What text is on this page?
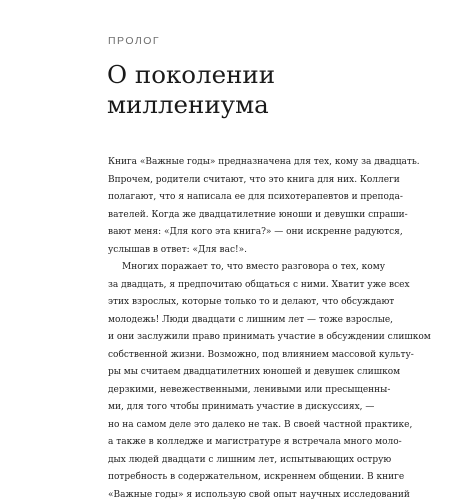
ПРОЛОГ
О поколении
миллениума
Книга «Важные годы» предназначена для тех, кому за двадцать.
Впрочем, родители считают, что это книга для них. Коллеги
полагают, что я написала ее для психотерапевтов и препода-
вателей. Когда же двадцатилетние юноши и девушки спраши-
вают меня: «Для кого эта книга?» — они искренне радуются,
услышав в ответ: «Для вас!».
Многих поражает то, что вместо разговора о тех, кому
за двадцать, я предпочитаю общаться с ними. Хватит уже всех
этих взрослых, которые только то и делают, что обсуждают
молодежь! Люди двадцати с лишним лет — тоже взрослые,
и они заслужили право принимать участие в обсуждении слишком
собственной жизни. Возможно, под влиянием массовой культу-
ры мы считаем двадцатилетних юношей и девушек слишком
дерзкими, невежественными, ленивыми или пресыщенны-
ми, для того чтобы принимать участие в дискуссиях, —
но на самом деле это далеко не так. В своей частной практике,
а также в колледже и магистратуре я встречала много моло-
дых людей двадцати с лишним лет, испытывающих острую
потребность в содержательном, искреннем общении. В книге
«Важные годы» я использую свой опыт научных исследований
